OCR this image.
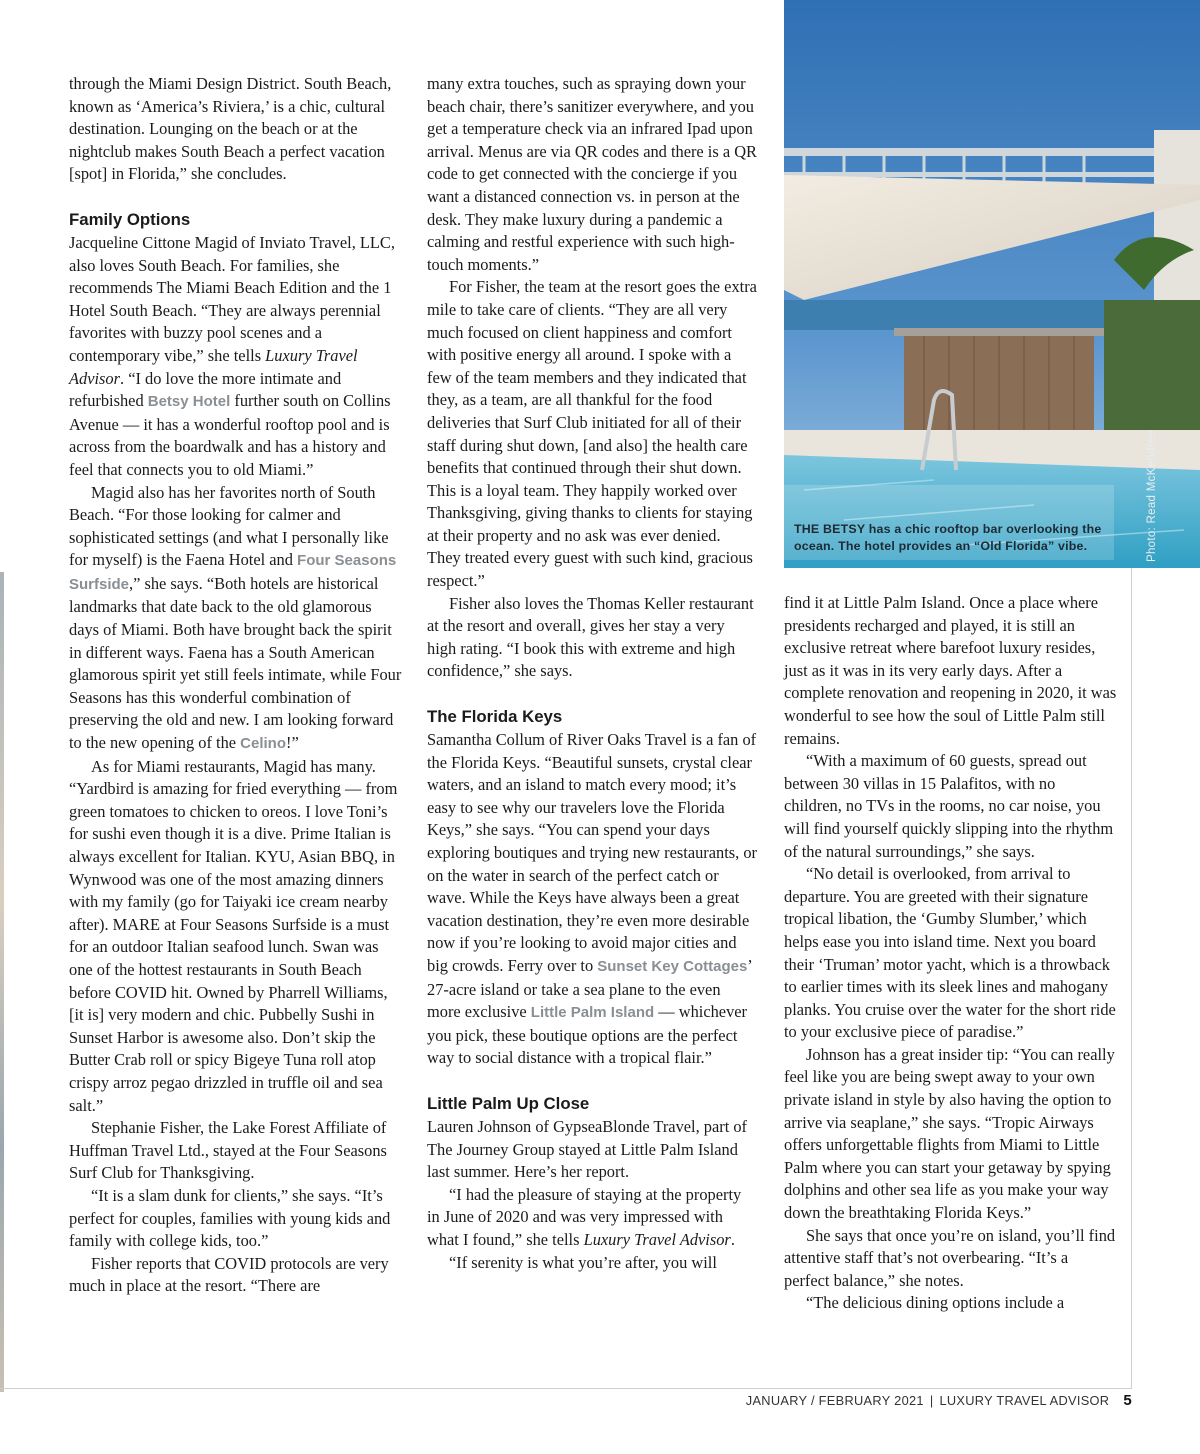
through the Miami Design District. South Beach, known as ‘America’s Riviera,’ is a chic, cultural destination. Lounging on the beach or at the nightclub makes South Beach a perfect vacation [spot] in Florida,” she concludes.

Family Options

Jacqueline Cittone Magid of Inviato Travel, LLC, also loves South Beach. For families, she recommends The Miami Beach Edition and the 1 Hotel South Beach. “They are always perennial favorites with buzzy pool scenes and a contemporary vibe,” she tells Luxury Travel Advisor. “I do love the more intimate and refurbished Betsy Hotel further south on Collins Avenue — it has a wonderful rooftop pool and is across from the boardwalk and has a history and feel that connects you to old Miami.”

Magid also has her favorites north of South Beach. “For those looking for calmer and sophisticated settings (and what I personally like for myself) is the Faena Hotel and Four Seasons Surfside,” she says. “Both hotels are historical landmarks that date back to the old glamorous days of Miami. Both have brought back the spirit in different ways. Faena has a South American glamorous spirit yet still feels intimate, while Four Seasons has this wonderful combination of preserving the old and new. I am looking forward to the new opening of the Celino!”

As for Miami restaurants, Magid has many. “Yardbird is amazing for fried everything — from green tomatoes to chicken to oreos. I love Toni’s for sushi even though it is a dive. Prime Italian is always excellent for Italian. KYU, Asian BBQ, in Wynwood was one of the most amazing dinners with my family (go for Taiyaki ice cream nearby after). MARE at Four Seasons Surfside is a must for an outdoor Italian seafood lunch. Swan was one of the hottest restaurants in South Beach before COVID hit. Owned by Pharrell Williams, [it is] very modern and chic. Pubbelly Sushi in Sunset Harbor is awesome also. Don’t skip the Butter Crab roll or spicy Bigeye Tuna roll atop crispy arroz pegao drizzled in truffle oil and sea salt.”

Stephanie Fisher, the Lake Forest Affiliate of Huffman Travel Ltd., stayed at the Four Seasons Surf Club for Thanksgiving.

“It is a slam dunk for clients,” she says. “It’s perfect for couples, families with young kids and family with college kids, too.”

Fisher reports that COVID protocols are very much in place at the resort. “There are

many extra touches, such as spraying down your beach chair, there’s sanitizer everywhere, and you get a temperature check via an infrared Ipad upon arrival. Menus are via QR codes and there is a QR code to get connected with the concierge if you want a distanced connection vs. in person at the desk. They make luxury during a pandemic a calming and restful experience with such high-touch moments.”

For Fisher, the team at the resort goes the extra mile to take care of clients. “They are all very much focused on client happiness and comfort with positive energy all around. I spoke with a few of the team members and they indicated that they, as a team, are all thankful for the food deliveries that Surf Club initiated for all of their staff during shut down, [and also] the health care benefits that continued through their shut down. This is a loyal team. They happily worked over Thanksgiving, giving thanks to clients for staying at their property and no ask was ever denied. They treated every guest with such kind, gracious respect.”

Fisher also loves the Thomas Keller restaurant at the resort and overall, gives her stay a very high rating. “I book this with extreme and high confidence,” she says.

The Florida Keys

Samantha Collum of River Oaks Travel is a fan of the Florida Keys. “Beautiful sunsets, crystal clear waters, and an island to match every mood; it’s easy to see why our travelers love the Florida Keys,” she says. “You can spend your days exploring boutiques and trying new restaurants, or on the water in search of the perfect catch or wave. While the Keys have always been a great vacation destination, they’re even more desirable now if you’re looking to avoid major cities and big crowds. Ferry over to Sunset Key Cottages’ 27-acre island or take a sea plane to the even more exclusive Little Palm Island — whichever you pick, these boutique options are the perfect way to social distance with a tropical flair.”

Little Palm Up Close

Lauren Johnson of GypseaBlonde Travel, part of The Journey Group stayed at Little Palm Island last summer. Here’s her report.

“I had the pleasure of staying at the property in June of 2020 and was very impressed with what I found,” she tells Luxury Travel Advisor.

“If serenity is what you’re after, you will

THE BETSY has a chic rooftop bar overlooking the ocean. The hotel provides an “Old Florida” vibe.	Photo: Read McKendree

find it at Little Palm Island. Once a place where presidents recharged and played, it is still an exclusive retreat where barefoot luxury resides, just as it was in its very early days. After a complete renovation and reopening in 2020, it was wonderful to see how the soul of Little Palm still remains.

“With a maximum of 60 guests, spread out between 30 villas in 15 Palafitos, with no children, no TVs in the rooms, no car noise, you will find yourself quickly slipping into the rhythm of the natural surroundings,” she says.

“No detail is overlooked, from arrival to departure. You are greeted with their signature tropical libation, the ‘Gumby Slumber,’ which helps ease you into island time. Next you board their ‘Truman’ motor yacht, which is a throwback to earlier times with its sleek lines and mahogany planks. You cruise over the water for the short ride to your exclusive piece of paradise.”

Johnson has a great insider tip: “You can really feel like you are being swept away to your own private island in style by also having the option to arrive via seaplane,” she says. “Tropic Airways offers unforgettable flights from Miami to Little Palm where you can start your getaway by spying dolphins and other sea life as you make your way down the breathtaking Florida Keys.”

She says that once you’re on island, you’ll find attentive staff that’s not overbearing. “It’s a perfect balance,” she notes.

“The delicious dining options include a

JANUARY / FEBRUARY 2021 | LUXURY TRAVEL ADVISOR 5
